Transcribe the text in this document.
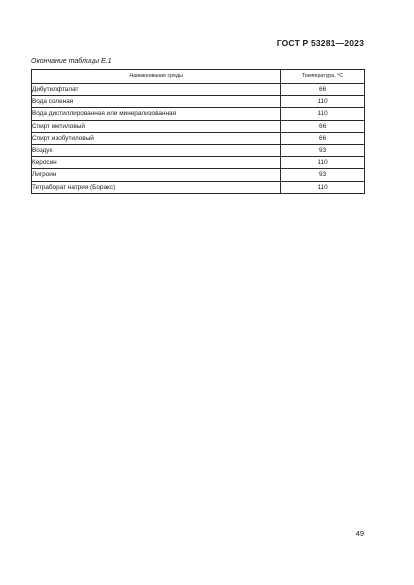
ГОСТ Р 53281—2023
Окончание таблицы Е.1
Наименование среды	Температура, °С
Дибутилфталат	66
Вода соленая	110
Вода дистиллированная или минерализованная	110
Спирт метиловый	66
Спирт изобутиловый	66
Воздух	93
Керосин	110
Лигроин	93
Тетраборат натрия (Боракс)	110
49
